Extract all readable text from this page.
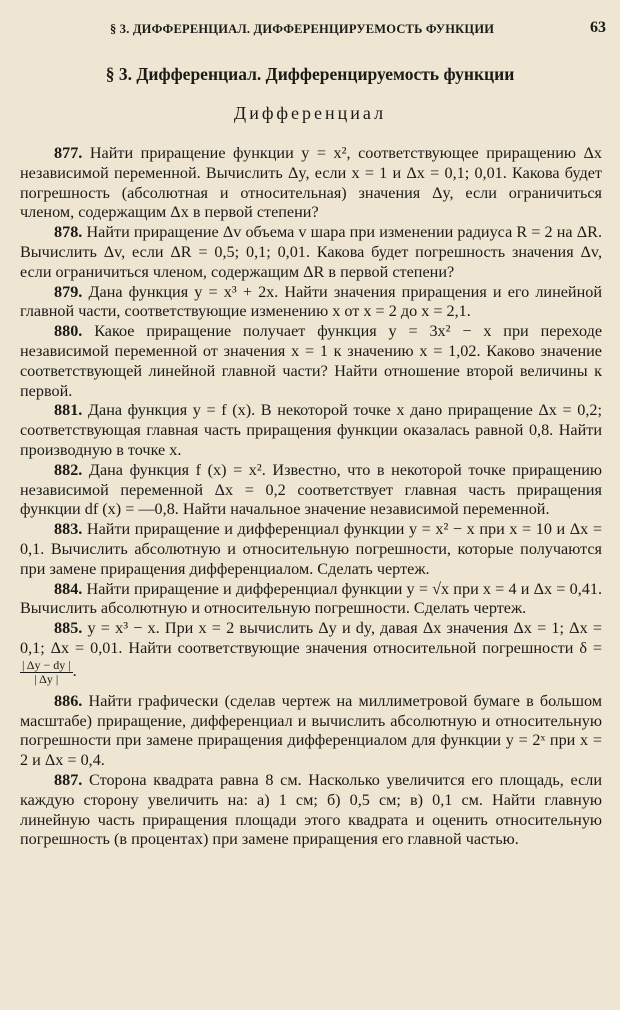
§ 3. ДИФФЕРЕНЦИАЛ. ДИФФЕРЕНЦИРУЕМОСТЬ ФУНКЦИИ	63
§ 3. Дифференциал. Дифференцируемость функции
Дифференциал

877. Найти приращение функции y = x², соответствующее приращению Δx независимой переменной. Вычислить Δy, если x = 1 и Δx = 0,1; 0,01. Какова будет погрешность (абсолютная и относительная) значения Δy, если ограничиться членом, содержащим Δx в первой степени?

878. Найти приращение Δv объема v шара при изменении радиуса R = 2 на ΔR. Вычислить Δv, если ΔR = 0,5; 0,1; 0,01. Какова будет погрешность значения Δv, если ограничиться членом, содержащим ΔR в первой степени?

879. Дана функция y = x³ + 2x. Найти значения приращения и его линейной главной части, соответствующие изменению x от x = 2 до x = 2,1.

880. Какое приращение получает функция y = 3x² − x при переходе независимой переменной от значения x = 1 к значению x = 1,02. Каково значение соответствующей линейной главной части? Найти отношение второй величины к первой.

881. Дана функция y = f (x). В некоторой точке x дано приращение Δx = 0,2; соответствующая главная часть приращения функции оказалась равной 0,8. Найти производную в точке x.

882. Дана функция f (x) = x². Известно, что в некоторой точке приращению независимой переменной Δx = 0,2 соответствует главная часть приращения функции df (x) = —0,8. Найти начальное значение независимой переменной.

883. Найти приращение и дифференциал функции y = x² − x при x = 10 и Δx = 0,1. Вычислить абсолютную и относительную погрешности, которые получаются при замене приращения дифференциалом. Сделать чертеж.

884. Найти приращение и дифференциал функции y = √x при x = 4 и Δx = 0,41. Вычислить абсолютную и относительную погрешности. Сделать чертеж.

885. y = x³ − x. При x = 2 вычислить Δy и dy, давая Δx значения Δx = 1; Δx = 0,1; Δx = 0,01. Найти соответствующие значения относительной погрешности δ =
$\frac{| \Delta y - dy |}{| \Delta y |}$ .

886. Найти графически (сделав чертеж на миллиметровой бумаге в большом масштабе) приращение, дифференциал и вычислить абсолютную и относительную погрешности при замене приращения дифференциалом для функции y = 2ˣ при x = 2 и Δx = 0,4.

887. Сторона квадрата равна 8 см. Насколько увеличится его площадь, если каждую сторону увеличить на: а) 1 см; б) 0,5 см; в) 0,1 см. Найти главную линейную часть приращения площади этого квадрата и оценить относительную погрешность (в процентах) при замене приращения его главной частью.
